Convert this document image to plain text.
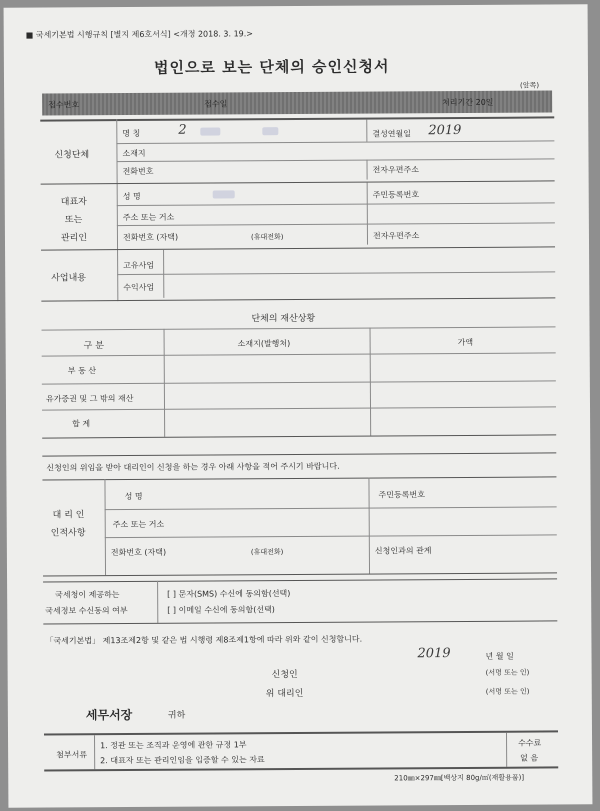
■ 국세기본법 시행규칙 [별지 제6호서식] <개정 2018. 3. 19.>
법인으로 보는 단체의 승인신청서
(앞쪽)
접수번호	접수일	처리기간 20일
신청단체
명 칭	2	결성연월일 2019
소재지
전화번호	전자우편주소
대표자
또는
관리인
성 명	주민등록번호
주소 또는 거소
전화번호 (자택)	(휴대전화)	전자우편주소
사업내용
고유사업
수익사업
단체의 재산상황
구 분	소재지(발행처)	가액
부 동 산
유가증권 및 그 밖의 재산
합 계
신청인의 위임을 받아 대리인이 신청을 하는 경우 아래 사항을 적어 주시기 바랍니다.
대 리 인
인적사항
성 명	주민등록번호
주소 또는 거소
전화번호 (자택)	(휴대전화)	신청인과의 관계
국세청이 제공하는
국세정보 수신동의 여부
[ ] 문자(SMS) 수신에 동의함(선택)
[ ] 이메일 수신에 동의함(선택)
「국세기본법」 제13조제2항 및 같은 법 시행령 제8조제1항에 따라 위와 같이 신청합니다.
2019	년 월 일
신청인	(서명 또는 인)
위 대리인	(서명 또는 인)
세무서장	귀하
첨부서류
1. 정관 또는 조직과 운영에 관한 규정 1부
2. 대표자 또는 관리인임을 입증할 수 있는 자료
수수료
없 음
210㎜×297㎜[백상지 80g/㎡(재활용품)]
